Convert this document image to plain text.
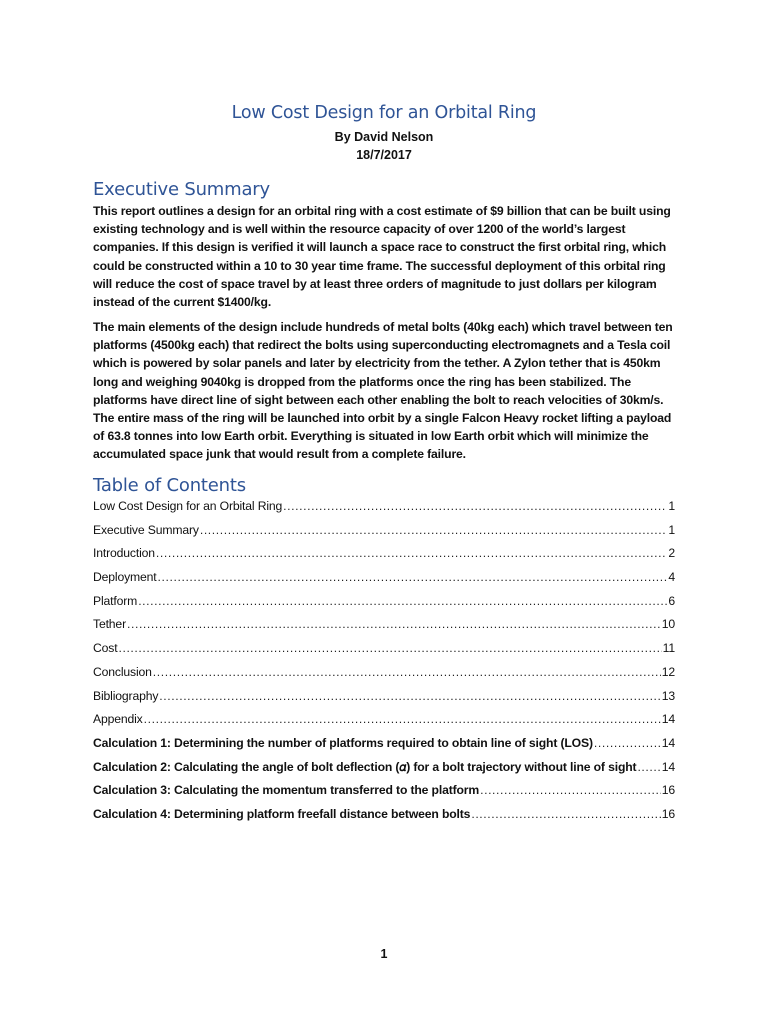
Low Cost Design for an Orbital Ring
By David Nelson
18/7/2017
Executive Summary

This report outlines a design for an orbital ring with a cost estimate of $9 billion that can be built using existing technology and is well within the resource capacity of over 1200 of the world’s largest companies. If this design is verified it will launch a space race to construct the first orbital ring, which could be constructed within a 10 to 30 year time frame. The successful deployment of this orbital ring will reduce the cost of space travel by at least three orders of magnitude to just dollars per kilogram instead of the current $1400/kg.

The main elements of the design include hundreds of metal bolts (40kg each) which travel between ten platforms (4500kg each) that redirect the bolts using superconducting electromagnets and a Tesla coil which is powered by solar panels and later by electricity from the tether. A Zylon tether that is 450km long and weighing 9040kg is dropped from the platforms once the ring has been stabilized. The platforms have direct line of sight between each other enabling the bolt to reach velocities of 30km/s. The entire mass of the ring will be launched into orbit by a single Falcon Heavy rocket lifting a payload of 63.8 tonnes into low Earth orbit. Everything is situated in low Earth orbit which will minimize the accumulated space junk that would result from a complete failure.

Table of Contents
Low Cost Design for an Orbital Ring .....	1
Executive Summary .....	1
Introduction .....	2
Deployment .....	4
Platform .....	6
Tether .....	10
Cost .....	11
Conclusion .....	12
Bibliography .....	13
Appendix .....	14
Calculation 1: Determining the number of platforms required to obtain line of sight (LOS) .....	14
Calculation 2: Calculating the angle of bolt deflection (𝛼) for a bolt trajectory without line of sight ..... 14
Calculation 3: Calculating the momentum transferred to the platform .....	16
Calculation 4: Determining platform freefall distance between bolts .....	16
1
